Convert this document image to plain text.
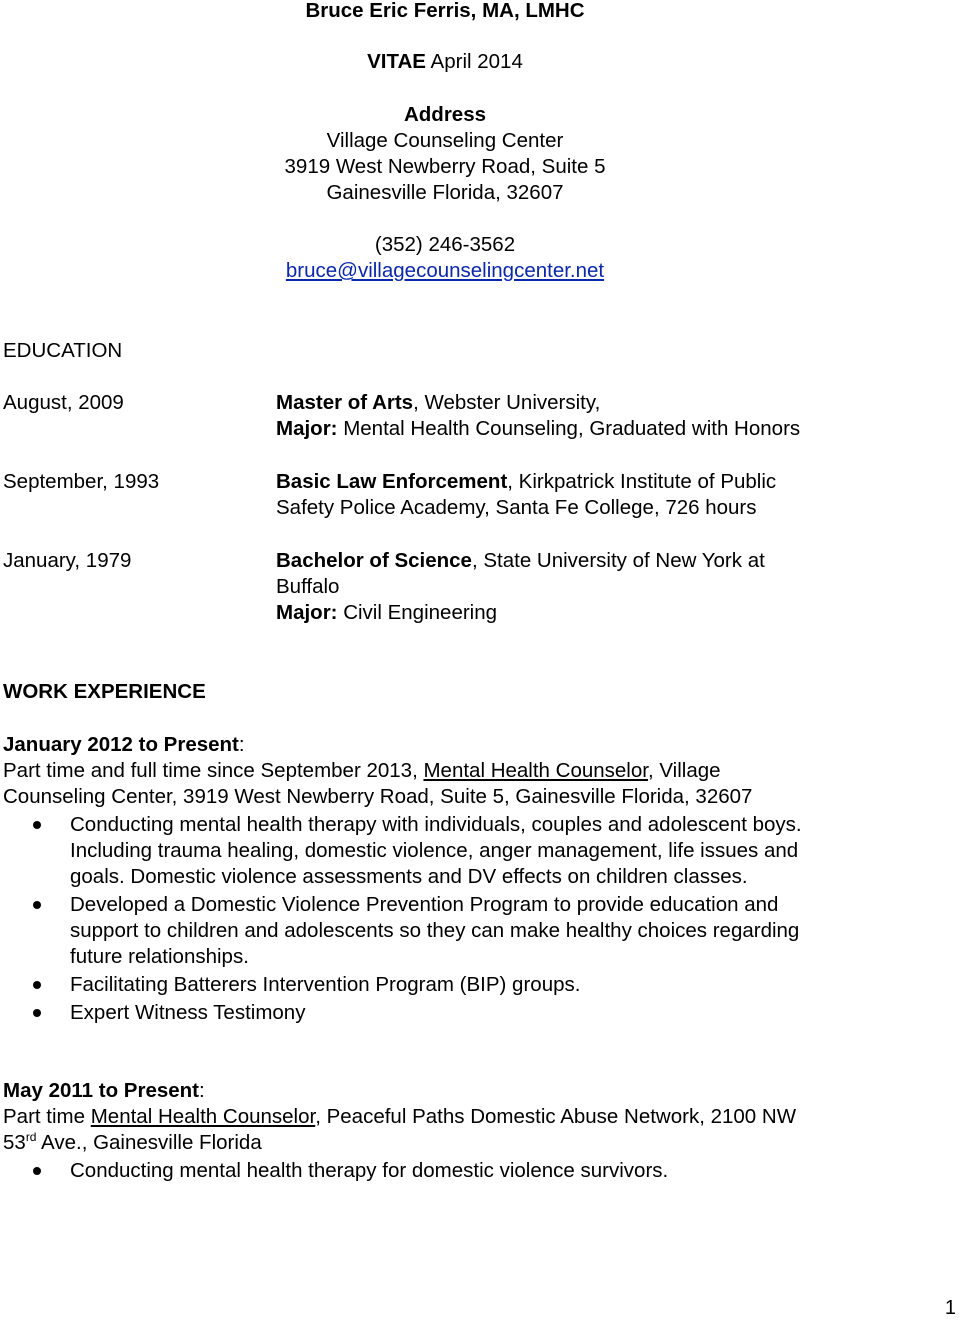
Bruce Eric Ferris, MA, LMHC
VITAE April 2014
Address
Village Counseling Center
3919 West Newberry Road, Suite 5
Gainesville Florida, 32607
(352) 246-3562
bruce@villagecounselingcenter.net
EDUCATION
August, 2009	Master of Arts, Webster University,
Major: Mental Health Counseling, Graduated with Honors
September, 1993	Basic Law Enforcement, Kirkpatrick Institute of Public
Safety Police Academy, Santa Fe College, 726 hours
January, 1979	Bachelor of Science, State University of New York at
Buffalo
Major: Civil Engineering
WORK EXPERIENCE
January 2012 to Present:
Part time and full time since September 2013, Mental Health Counselor, Village
Counseling Center, 3919 West Newberry Road, Suite 5, Gainesville Florida, 32607
Conducting mental health therapy with individuals, couples and adolescent boys.
Including trauma healing, domestic violence, anger management, life issues and
goals. Domestic violence assessments and DV effects on children classes.
Developed a Domestic Violence Prevention Program to provide education and
support to children and adolescents so they can make healthy choices regarding
future relationships.
Facilitating Batterers Intervention Program (BIP) groups.
Expert Witness Testimony
May 2011 to Present:
Part time Mental Health Counselor, Peaceful Paths Domestic Abuse Network, 2100 NW
53rd Ave., Gainesville Florida
Conducting mental health therapy for domestic violence survivors.
1
